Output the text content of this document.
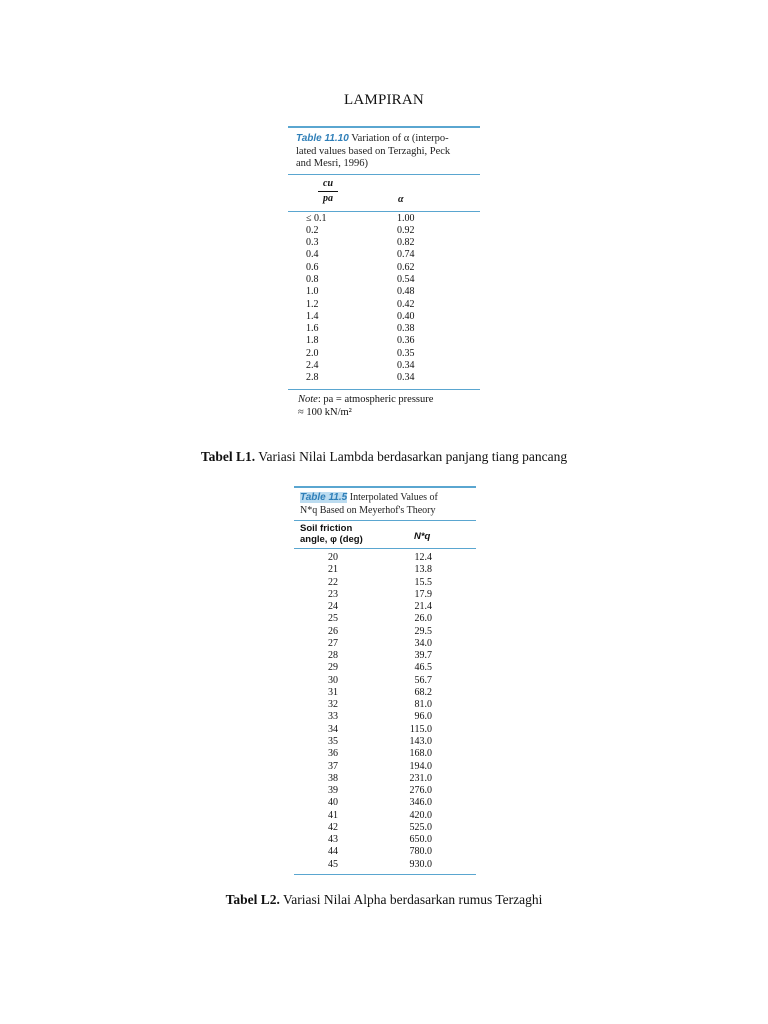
LAMPIRAN
Table 11.10 Variation of α (interpo-
lated values based on Terzaghi, Peck
and Mesri, 1996)
cu
pa	α
≤ 0.1	1.00
0.2	0.92
0.3	0.82
0.4	0.74
0.6	0.62
0.8	0.54
1.0	0.48
1.2	0.42
1.4	0.40
1.6	0.38
1.8	0.36
2.0	0.35
2.4	0.34
2.8	0.34
Note: pa = atmospheric pressure
≈ 100 kN/m²
Tabel L1. Variasi Nilai Lambda berdasarkan panjang tiang pancang
Table 11.5 Interpolated Values of
N*q Based on Meyerhof's Theory
Soil friction
angle, φ (deg)	N*q
20	12.4
21	13.8
22	15.5
23	17.9
24	21.4
25	26.0
26	29.5
27	34.0
28	39.7
29	46.5
30	56.7
31	68.2
32	81.0
33	96.0
34	115.0
35	143.0
36	168.0
37	194.0
38	231.0
39	276.0
40	346.0
41	420.0
42	525.0
43	650.0
44	780.0
45	930.0
Tabel L2. Variasi Nilai Alpha berdasarkan rumus Terzaghi
